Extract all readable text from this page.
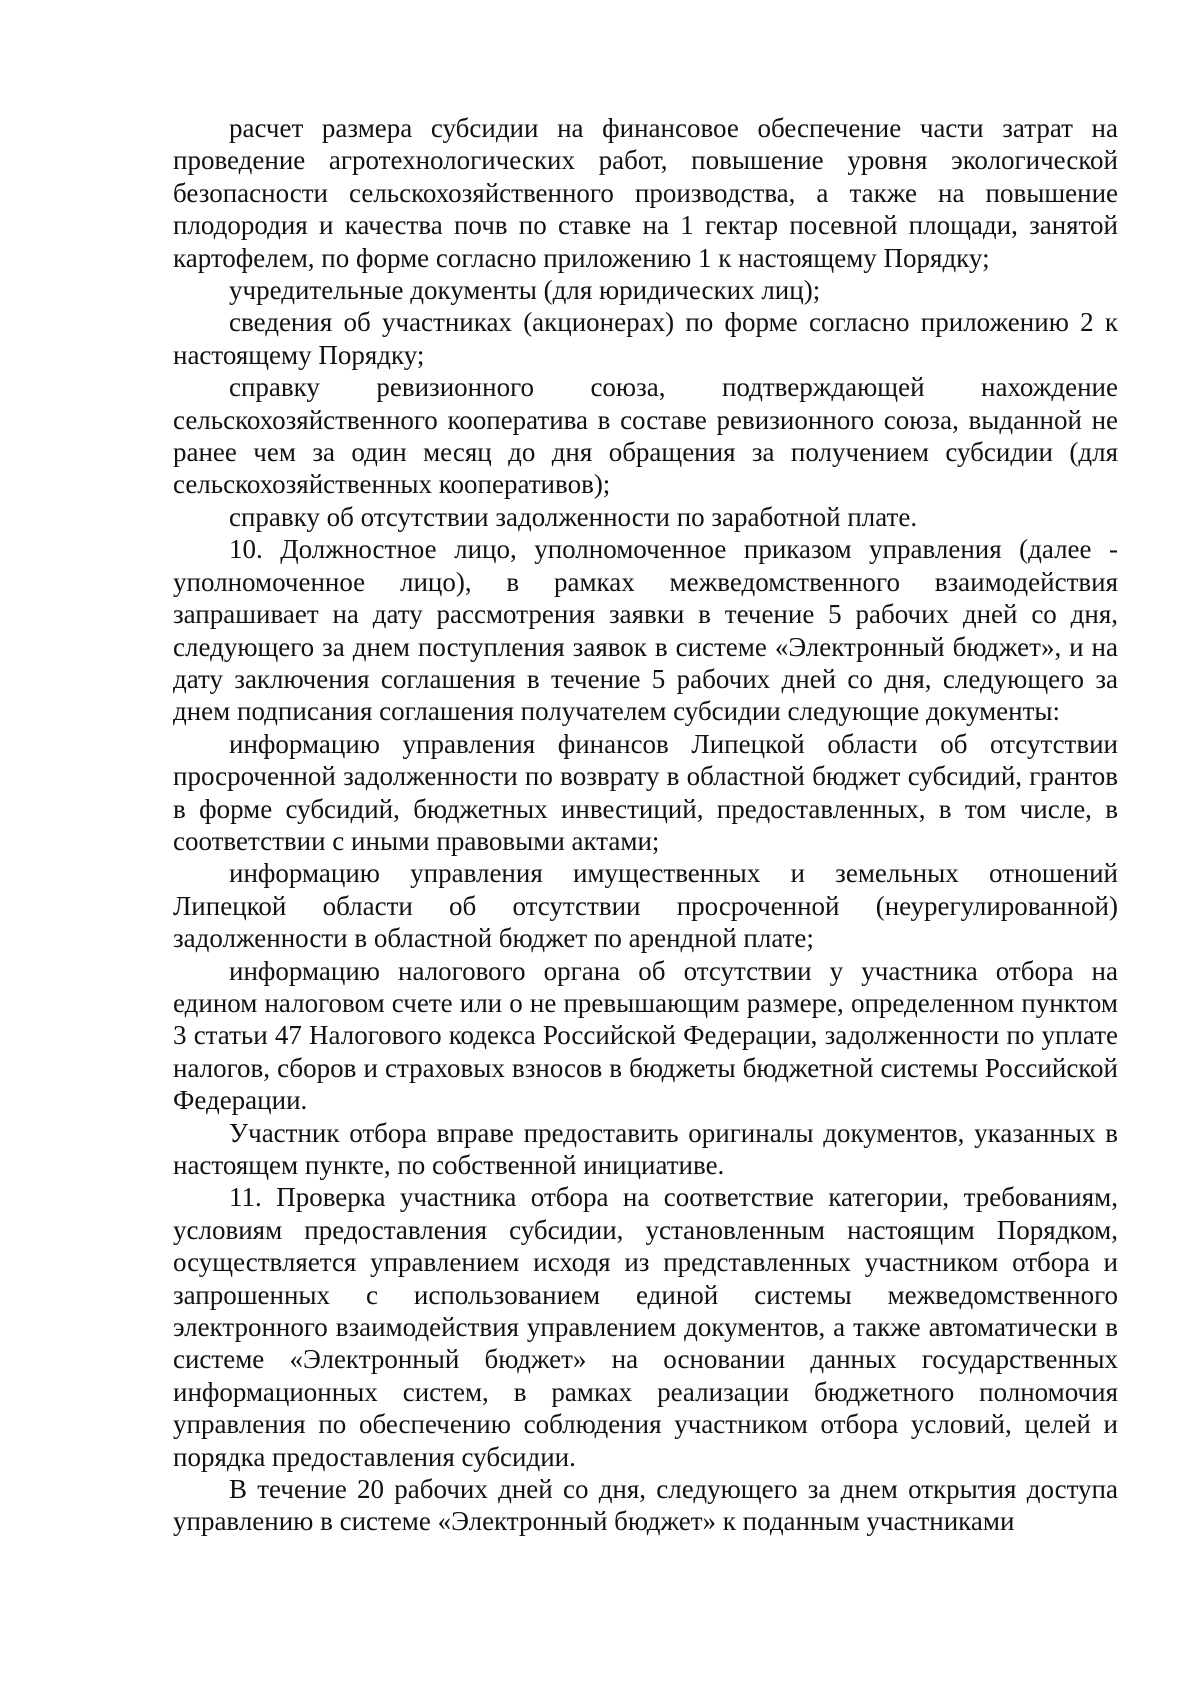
расчет размера субсидии на финансовое обеспечение части затрат на проведение агротехнологических работ, повышение уровня экологической безопасности сельскохозяйственного производства, а также на повышение плодородия и качества почв по ставке на 1 гектар посевной площади, занятой картофелем, по форме согласно приложению 1 к настоящему Порядку;

учредительные документы (для юридических лиц);

сведения об участниках (акционерах) по форме согласно приложению 2 к настоящему Порядку;

справку ревизионного союза, подтверждающей нахождение сельскохозяйственного кооператива в составе ревизионного союза, выданной не ранее чем за один месяц до дня обращения за получением субсидии (для сельскохозяйственных кооперативов);

справку об отсутствии задолженности по заработной плате.

10. Должностное лицо, уполномоченное приказом управления (далее - уполномоченное лицо), в рамках межведомственного взаимодействия запрашивает на дату рассмотрения заявки в течение 5 рабочих дней со дня, следующего за днем поступления заявок в системе «Электронный бюджет», и на дату заключения соглашения в течение 5 рабочих дней со дня, следующего за днем подписания соглашения получателем субсидии следующие документы:

информацию управления финансов Липецкой области об отсутствии просроченной задолженности по возврату в областной бюджет субсидий, грантов в форме субсидий, бюджетных инвестиций, предоставленных, в том числе, в соответствии с иными правовыми актами;

информацию управления имущественных и земельных отношений Липецкой области об отсутствии просроченной (неурегулированной) задолженности в областной бюджет по арендной плате;

информацию налогового органа об отсутствии у участника отбора на едином налоговом счете или о не превышающим размере, определенном пунктом 3 статьи 47 Налогового кодекса Российской Федерации, задолженности по уплате налогов, сборов и страховых взносов в бюджеты бюджетной системы Российской Федерации.

Участник отбора вправе предоставить оригиналы документов, указанных в настоящем пункте, по собственной инициативе.

11. Проверка участника отбора на соответствие категории, требованиям, условиям предоставления субсидии, установленным настоящим Порядком, осуществляется управлением исходя из представленных участником отбора и запрошенных с использованием единой системы межведомственного электронного взаимодействия управлением документов, а также автоматически в системе «Электронный бюджет» на основании данных государственных информационных систем, в рамках реализации бюджетного полномочия управления по обеспечению соблюдения участником отбора условий, целей и порядка предоставления субсидии.

В течение 20 рабочих дней со дня, следующего за днем открытия доступа управлению в системе «Электронный бюджет» к поданным участниками
